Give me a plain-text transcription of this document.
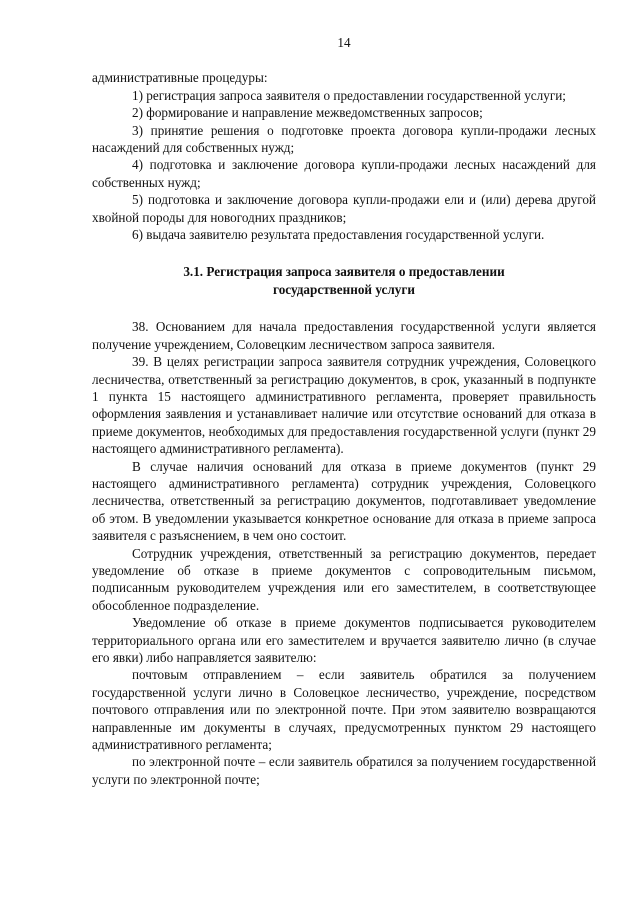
14

административные процедуры:

1) регистрация запроса заявителя о предоставлении государственной услуги;

2) формирование и направление межведомственных запросов;

3) принятие решения о подготовке проекта договора купли-продажи лесных насаждений для собственных нужд;

4) подготовка и заключение договора купли-продажи лесных насаждений для собственных нужд;

5) подготовка и заключение договора купли-продажи ели и (или) дерева другой хвойной породы для новогодних праздников;

6) выдача заявителю результата предоставления государственной услуги.

3.1. Регистрация запроса заявителя о предоставлении
государственной услуги

38. Основанием для начала предоставления государственной услуги является получение учреждением, Соловецким лесничеством запроса заявителя.

39. В целях регистрации запроса заявителя сотрудник учреждения, Соловецкого лесничества, ответственный за регистрацию документов, в срок, указанный в подпункте 1 пункта 15 настоящего административного регламента, проверяет правильность оформления заявления и устанавливает наличие или отсутствие оснований для отказа в приеме документов, необходимых для предоставления государственной услуги (пункт 29 настоящего административного регламента).

В случае наличия оснований для отказа в приеме документов (пункт 29 настоящего административного регламента) сотрудник учреждения, Соловецкого лесничества, ответственный за регистрацию документов, подготавливает уведомление об этом. В уведомлении указывается конкретное основание для отказа в приеме запроса заявителя с разъяснением, в чем оно состоит.

Сотрудник учреждения, ответственный за регистрацию документов, передает уведомление об отказе в приеме документов с сопроводительным письмом, подписанным руководителем учреждения или его заместителем, в соответствующее обособленное подразделение.

Уведомление об отказе в приеме документов подписывается руководителем территориального органа или его заместителем и вручается заявителю лично (в случае его явки) либо направляется заявителю:

почтовым отправлением – если заявитель обратился за получением государственной услуги лично в Соловецкое лесничество, учреждение, посредством почтового отправления или по электронной почте. При этом заявителю возвращаются направленные им документы в случаях, предусмотренных пунктом 29 настоящего административного регламента;

по электронной почте – если заявитель обратился за получением государственной услуги по электронной почте;
